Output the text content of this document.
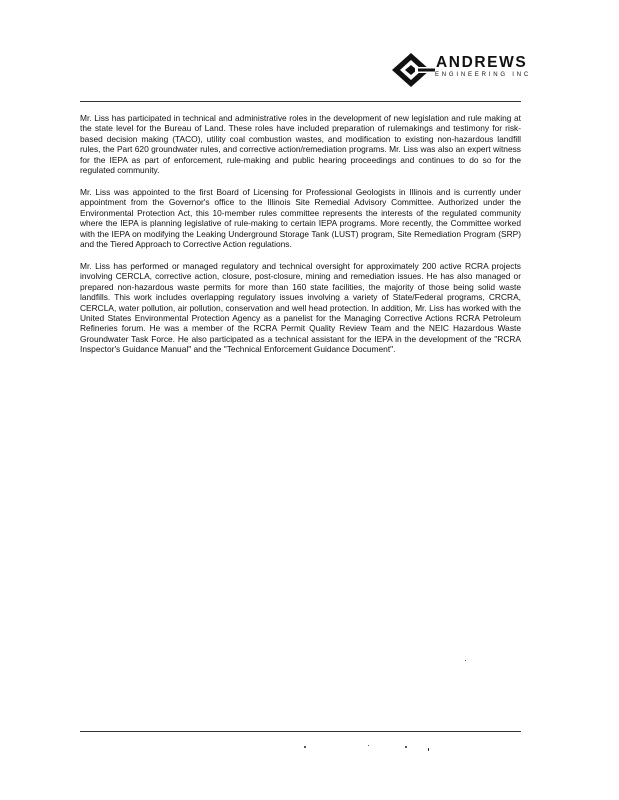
ANDREWS
ENGINEERING INC

Mr. Liss has participated in technical and administrative roles in the development of new legislation and rule making at the state level for the Bureau of Land. These roles have included preparation of rulemakings and testimony for risk-based decision making (TACO), utility coal combustion wastes, and modification to existing non-hazardous landfill rules, the Part 620 groundwater rules, and corrective action/remediation programs. Mr. Liss was also an expert witness for the IEPA as part of enforcement, rule-making and public hearing proceedings and continues to do so for the regulated community.

Mr. Liss was appointed to the first Board of Licensing for Professional Geologists in Illinois and is currently under appointment from the Governor's office to the Illinois Site Remedial Advisory Committee. Authorized under the Environmental Protection Act, this 10-member rules committee represents the interests of the regulated community where the IEPA is planning legislative of rule-making to certain IEPA programs. More recently, the Committee worked with the IEPA on modifying the Leaking Underground Storage Tank (LUST) program, Site Remediation Program (SRP) and the Tiered Approach to Corrective Action regulations.

Mr. Liss has performed or managed regulatory and technical oversight for approximately 200 active RCRA projects involving CERCLA, corrective action, closure, post-closure, mining and remediation issues. He has also managed or prepared non-hazardous waste permits for more than 160 state facilities, the majority of those being solid waste landfills. This work includes overlapping regulatory issues involving a variety of State/Federal programs, CRCRA, CERCLA, water pollution, air pollution, conservation and well head protection. In addition, Mr. Liss has worked with the United States Environmental Protection Agency as a panelist for the Managing Corrective Actions RCRA Petroleum Refineries forum. He was a member of the RCRA Permit Quality Review Team and the NEIC Hazardous Waste Groundwater Task Force. He also participated as a technical assistant for the IEPA in the development of the "RCRA Inspector's Guidance Manual" and the "Technical Enforcement Guidance Document".
